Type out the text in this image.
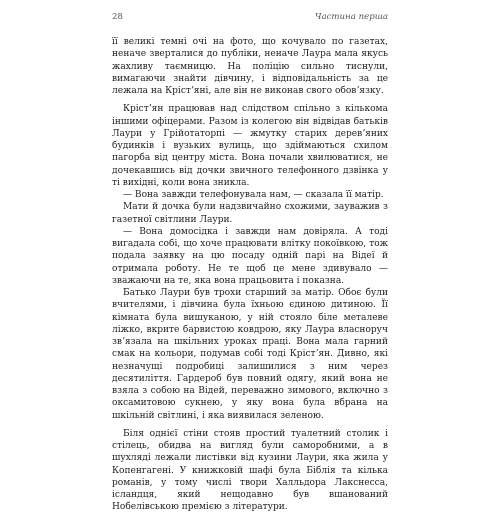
28	Частина перша

її великі темні очі на фото, що кочувало по газетах, неначе зверталися до публіки, неначе Лаура мала якусь жахливу таємницю. На поліцію сильно тиснули, вимагаючи знайти дівчину, і відповідальність за це лежала на Крістʼяні, але він не виконав свого обовʼязку.

Крістʼян працював над слідством спільно з кількома іншими офіцерами. Разом із колегою він відвідав батьків Лаури у Грійотаторпі — жмутку старих деревʼяних будинків і вузьких вулиць, що здіймаються схилом пагорба від центру міста. Вона почали хвилюватися, не дочекавшись від дочки звичного телефонного дзвінка у ті вихідні, коли вона зникла.

— Вона завжди телефонувала нам, — сказала її матір.

Мати й дочка були надзвичайно схожими, зауважив з газетної світлини Лаури.

— Вона домосідка і завжди нам довіряла. А тоді вигадала собі, що хоче працювати влітку покоївкою, тож подала заявку на цю посаду одній парі на Відеї й отримала роботу. Не те щоб це мене здивувало — зважаючи на те, яка вона працьовита і показна.

Батько Лаури був трохи старший за матір. Обоє були вчителями, і дівчина була їхньою єдиною дитиною. Її кімната була вишуканою, у ній стояло біле металеве ліжко, вкрите барвистою ковдрою, яку Лаура власноруч звʼязала на шкільних уроках праці. Вона мала гарний смак на кольори, подумав собі тоді Крістʼян. Дивно, які незначущі подробиці залишилися з ним через десятиліття. Гардероб був повний одягу, який вона не взяла з собою на Відей, переважно зимового, включно з оксамитовою сукнею, у яку вона була вбрана на шкільній світлині, і яка виявилася зеленою.

Біля однієї стіни стояв простий туалетний столик і стілець, обидва на вигляд були саморобними, а в шухляді лежали листівки від кузини Лаури, яка жила у Копенгагені. У книжковій шафі була Біблія та кілька романів, у тому числі твори Халльдора Лакснесса, ісландця, який нещодавно був вшанований Нобелівською премією з літератури.
